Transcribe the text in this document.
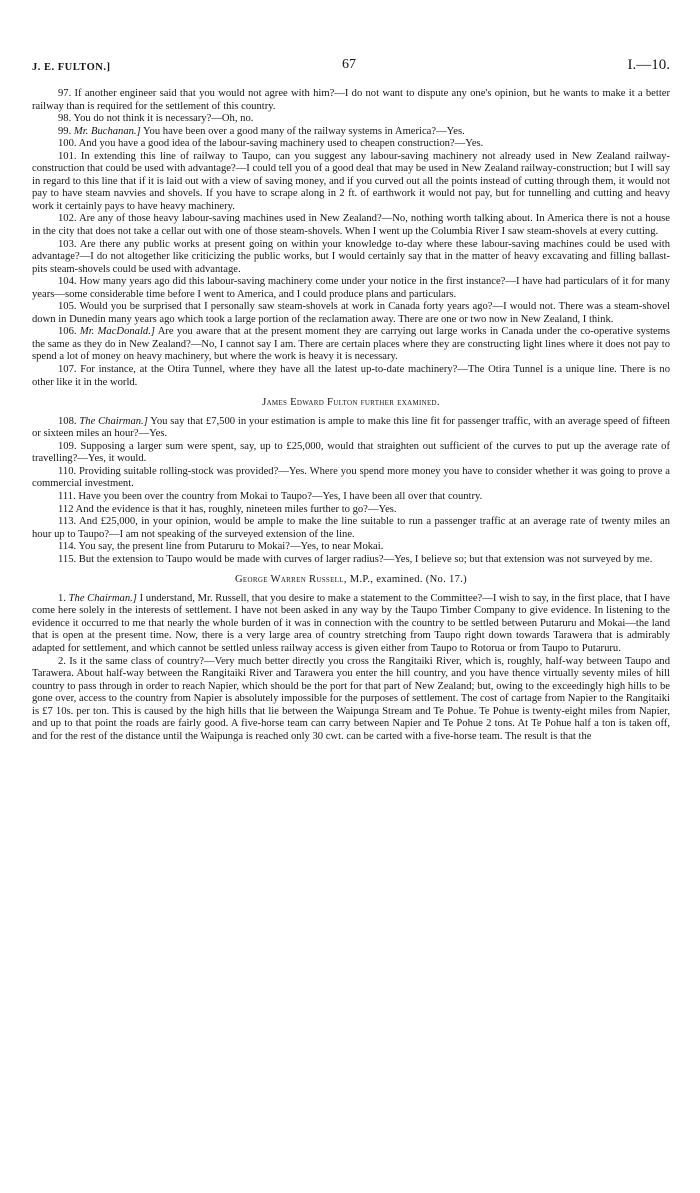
J. E. FULTON.]	67	I.—10.

97. If another engineer said that you would not agree with him?—I do not want to dispute any one's opinion, but he wants to make it a better railway than is required for the settlement of this country.

98. You do not think it is necessary?—Oh, no.

99. Mr. Buchanan.] You have been over a good many of the railway systems in America?—Yes.

100. And you have a good idea of the labour-saving machinery used to cheapen construction?—Yes.

101. In extending this line of railway to Taupo, can you suggest any labour-saving machinery not already used in New Zealand railway-construction that could be used with advantage?—I could tell you of a good deal that may be used in New Zealand railway-construction; but I will say in regard to this line that if it is laid out with a view of saving money, and if you curved out all the points instead of cutting through them, it would not pay to have steam navvies and shovels. If you have to scrape along in 2 ft. of earthwork it would not pay, but for tunnelling and cutting and heavy work it certainly pays to have heavy machinery.

102. Are any of those heavy labour-saving machines used in New Zealand?—No, nothing worth talking about. In America there is not a house in the city that does not take a cellar out with one of those steam-shovels. When I went up the Columbia River I saw steam-shovels at every cutting.

103. Are there any public works at present going on within your knowledge to-day where these labour-saving machines could be used with advantage?—I do not altogether like criticizing the public works, but I would certainly say that in the matter of heavy excavating and filling ballast-pits steam-shovels could be used with advantage.

104. How many years ago did this labour-saving machinery come under your notice in the first instance?—I have had particulars of it for many years—some considerable time before I went to America, and I could produce plans and particulars.

105. Would you be surprised that I personally saw steam-shovels at work in Canada forty years ago?—I would not. There was a steam-shovel down in Dunedin many years ago which took a large portion of the reclamation away. There are one or two now in New Zealand, I think.

106. Mr. MacDonald.] Are you aware that at the present moment they are carrying out large works in Canada under the co-operative systems the same as they do in New Zealand?—No, I cannot say I am. There are certain places where they are constructing light lines where it does not pay to spend a lot of money on heavy machinery, but where the work is heavy it is necessary.

107. For instance, at the Otira Tunnel, where they have all the latest up-to-date machinery?—The Otira Tunnel is a unique line. There is no other like it in the world.

James Edward Fulton further examined.

108. The Chairman.] You say that £7,500 in your estimation is ample to make this line fit for passenger traffic, with an average speed of fifteen or sixteen miles an hour?—Yes.

109. Supposing a larger sum were spent, say, up to £25,000, would that straighten out sufficient of the curves to put up the average rate of travelling?—Yes, it would.

110. Providing suitable rolling-stock was provided?—Yes. Where you spend more money you have to consider whether it was going to prove a commercial investment.

111. Have you been over the country from Mokai to Taupo?—Yes, I have been all over that country.

112 And the evidence is that it has, roughly, nineteen miles further to go?—Yes.

113. And £25,000, in your opinion, would be ample to make the line suitable to run a passenger traffic at an average rate of twenty miles an hour up to Taupo?—I am not speaking of the surveyed extension of the line.

114. You say, the present line from Putaruru to Mokai?—Yes, to near Mokai.

115. But the extension to Taupo would be made with curves of larger radius?—Yes, I believe so; but that extension was not surveyed by me.

George Warren Russell, M.P., examined. (No. 17.)

1. The Chairman.] I understand, Mr. Russell, that you desire to make a statement to the Committee?—I wish to say, in the first place, that I have come here solely in the interests of settlement. I have not been asked in any way by the Taupo Timber Company to give evidence. In listening to the evidence it occurred to me that nearly the whole burden of it was in connection with the country to be settled between Putaruru and Mokai—the land that is open at the present time. Now, there is a very large area of country stretching from Taupo right down towards Tarawera that is admirably adapted for settlement, and which cannot be settled unless railway access is given either from Taupo to Rotorua or from Taupo to Putaruru.

2. Is it the same class of country?—Very much better directly you cross the Rangitaiki River, which is, roughly, half-way between Taupo and Tarawera. About half-way between the Rangitaiki River and Tarawera you enter the hill country, and you have thence virtually seventy miles of hill country to pass through in order to reach Napier, which should be the port for that part of New Zealand; but, owing to the exceedingly high hills to be gone over, access to the country from Napier is absolutely impossible for the purposes of settlement. The cost of cartage from Napier to the Rangitaiki is £7 10s. per ton. This is caused by the high hills that lie between the Waipunga Stream and Te Pohue. Te Pohue is twenty-eight miles from Napier, and up to that point the roads are fairly good. A five-horse team can carry between Napier and Te Pohue 2 tons. At Te Pohue half a ton is taken off, and for the rest of the distance until the Waipunga is reached only 30 cwt. can be carted with a five-horse team. The result is that the
